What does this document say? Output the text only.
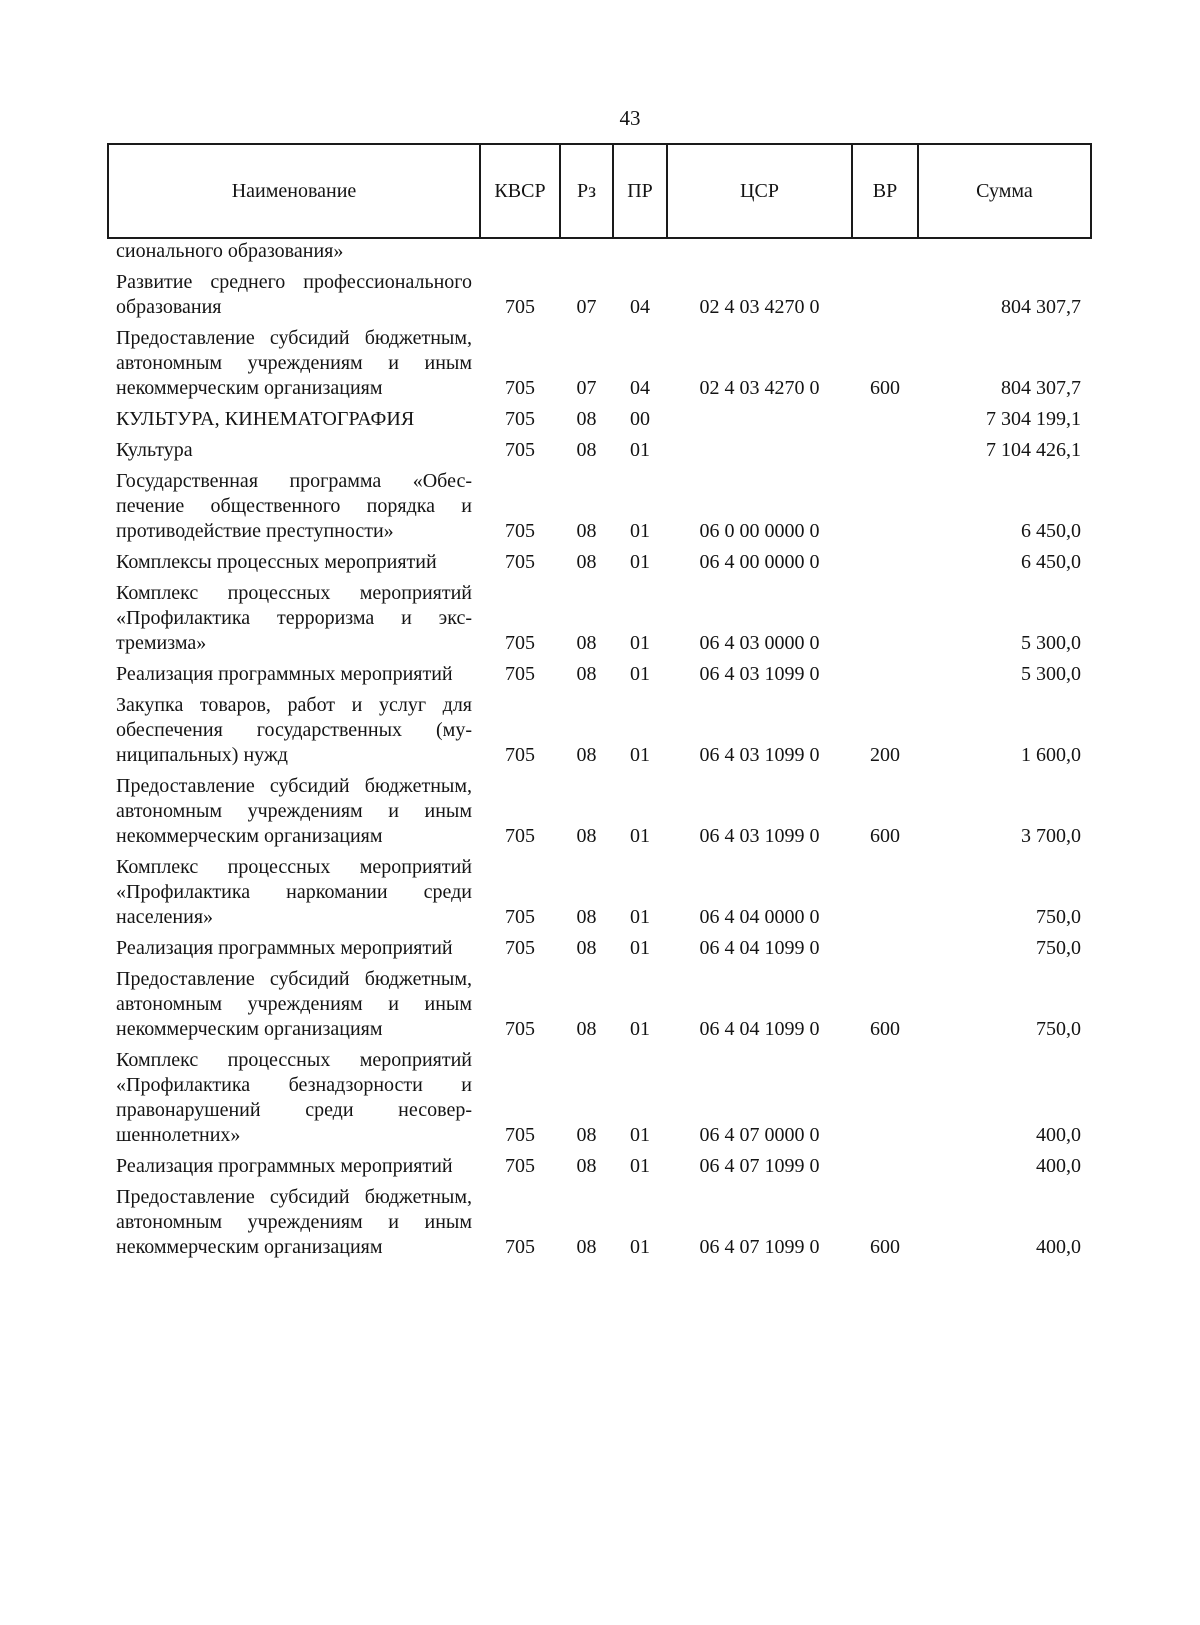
43
Наименование	КВСР	Рз	ПР	ЦСР	ВР	Сумма
сионального образования»						
Развитие среднего профессионального образования	705	07	04	02 4 03 4270 0		804 307,7
Предоставление субсидий бюджетным, автономным учреждениям и иным некоммерческим организациям	705	07	04	02 4 03 4270 0	600	804 307,7
КУЛЬТУРА, КИНЕМАТОГРАФИЯ	705	08	00			7 304 199,1
Культура	705	08	01			7 104 426,1
Государственная программа «Обеспечение общественного порядка и противодействие преступности»	705	08	01	06 0 00 0000 0		6 450,0
Комплексы процессных мероприятий	705	08	01	06 4 00 0000 0		6 450,0
Комплекс процессных мероприятий «Профилактика терроризма и экстремизма»	705	08	01	06 4 03 0000 0		5 300,0
Реализация программных мероприятий	705	08	01	06 4 03 1099 0		5 300,0
Закупка товаров, работ и услуг для обеспечения государственных (муниципальных) нужд	705	08	01	06 4 03 1099 0	200	1 600,0
Предоставление субсидий бюджетным, автономным учреждениям и иным некоммерческим организациям	705	08	01	06 4 03 1099 0	600	3 700,0
Комплекс процессных мероприятий «Профилактика наркомании среди населения»	705	08	01	06 4 04 0000 0		750,0
Реализация программных мероприятий	705	08	01	06 4 04 1099 0		750,0
Предоставление субсидий бюджетным, автономным учреждениям и иным некоммерческим организациям	705	08	01	06 4 04 1099 0	600	750,0
Комплекс процессных мероприятий «Профилактика безнадзорности и правонарушений среди несовершеннолетних»	705	08	01	06 4 07 0000 0		400,0
Реализация программных мероприятий	705	08	01	06 4 07 1099 0		400,0
Предоставление субсидий бюджетным, автономным учреждениям и иным некоммерческим организациям	705	08	01	06 4 07 1099 0	600	400,0
